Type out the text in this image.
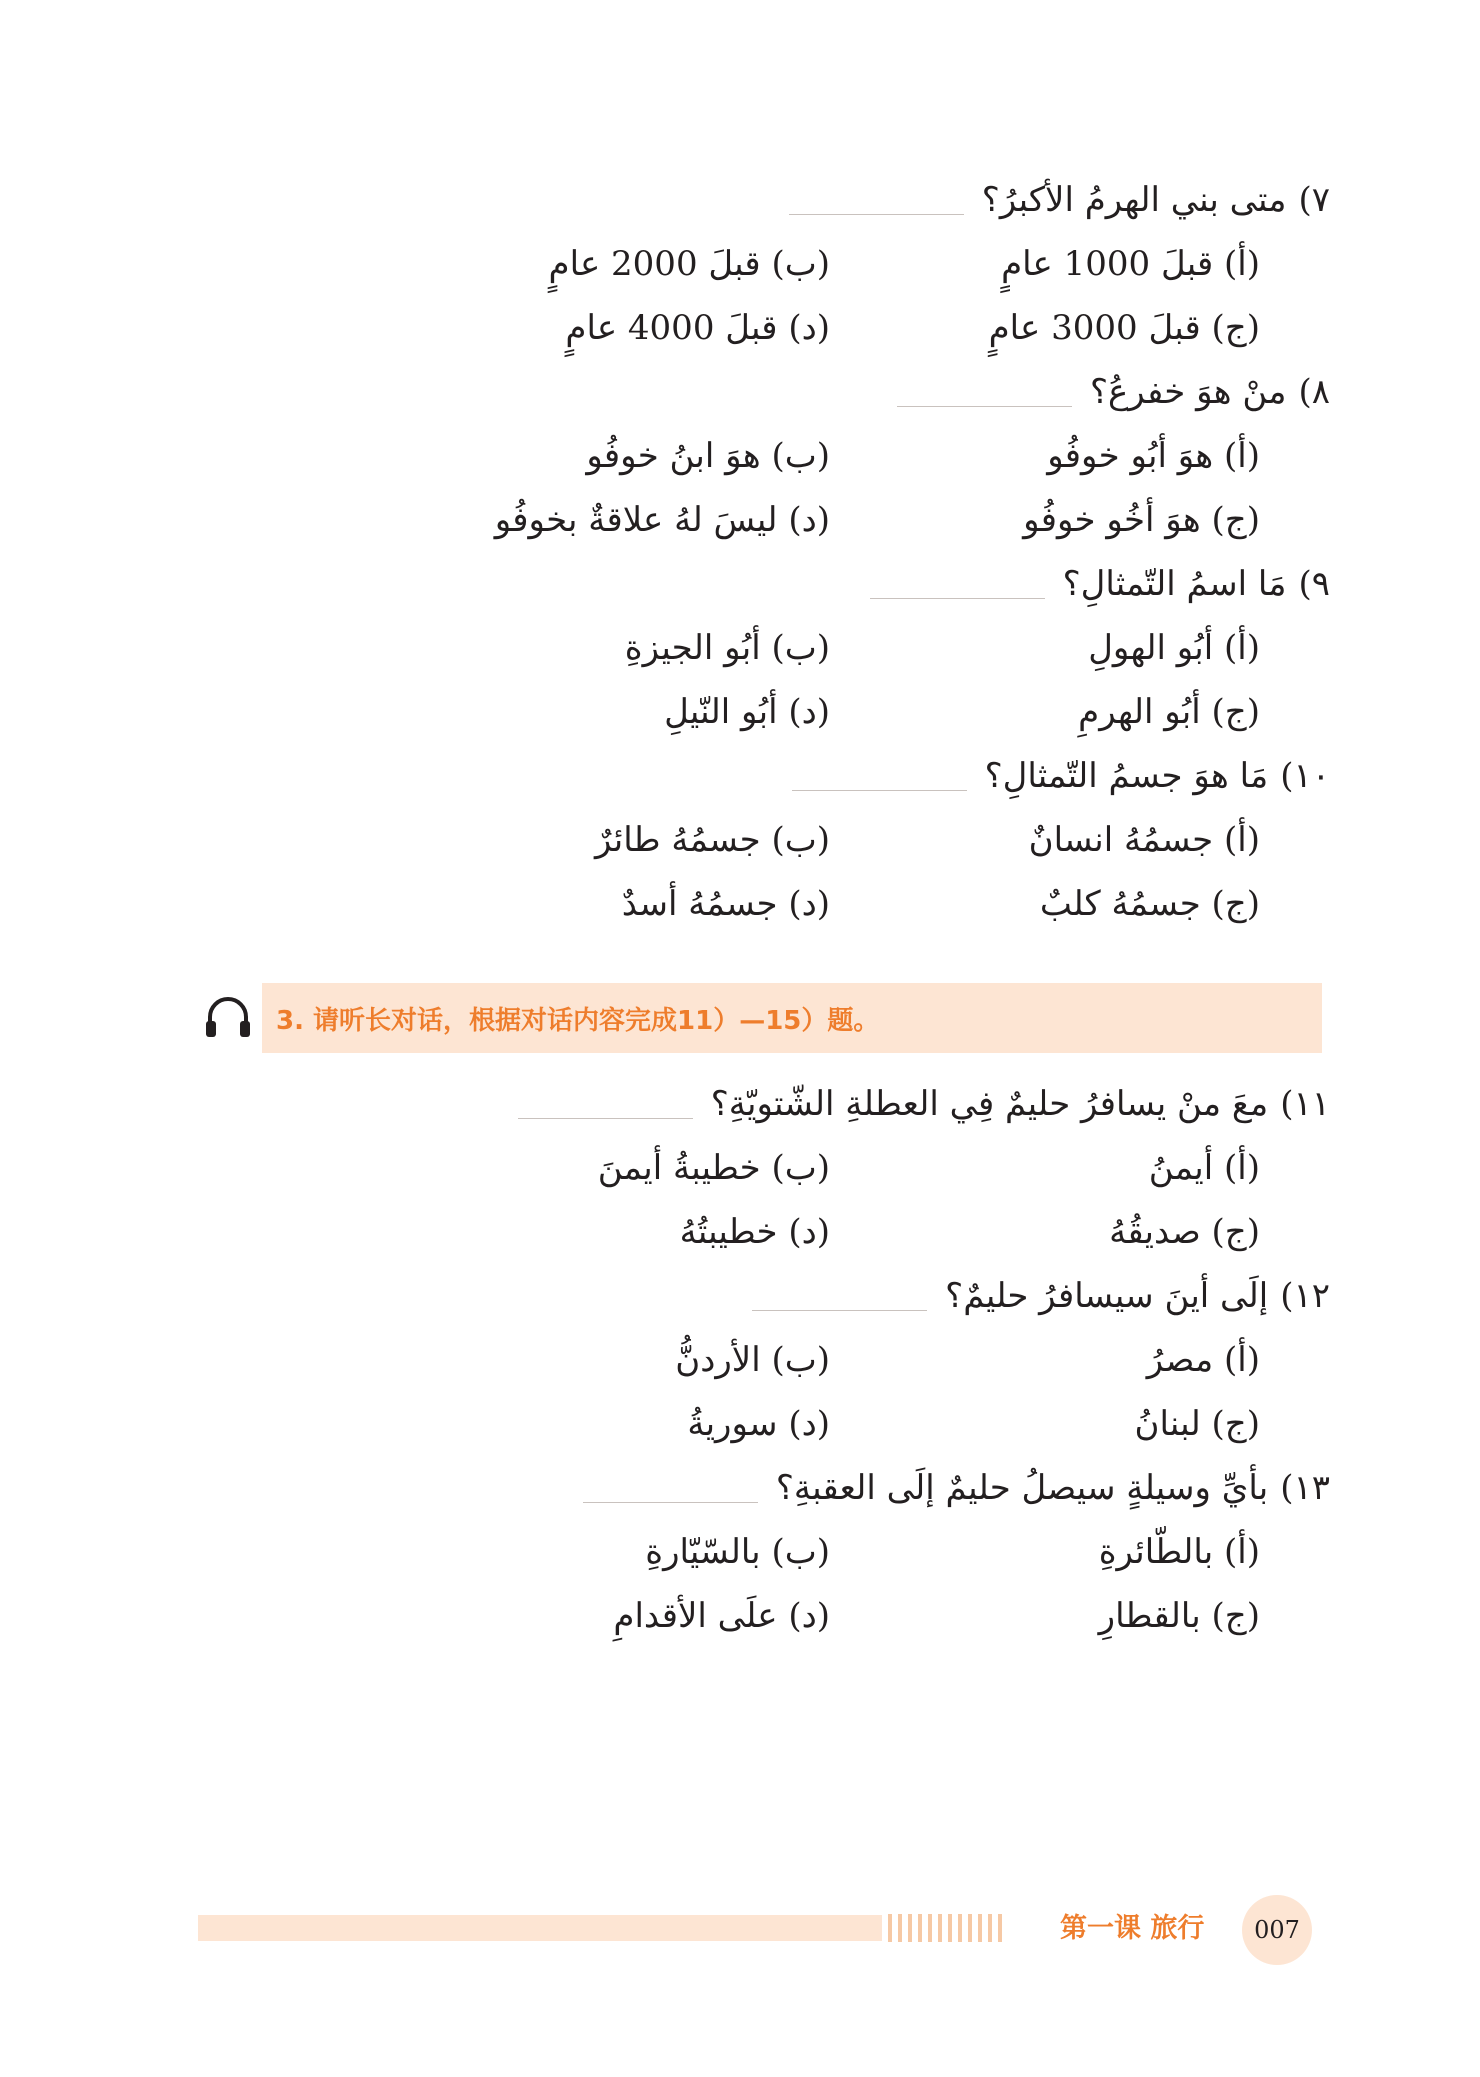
٧)
متى بني الهرمُ الأكبرُ؟
(أ) قبلَ 1000 عامٍ
(ب) قبلَ 2000 عامٍ
(ج) قبلَ 3000 عامٍ
(د) قبلَ 4000 عامٍ
٨)
منْ هوَ خفرعُ؟
(أ) هوَ أبُو خوفُو
(ب) هوَ ابنُ خوفُو
(ج) هوَ أخُو خوفُو
(د) ليسَ لهُ علاقةٌ بخوفُو
٩)
مَا اسمُ التّمثالِ؟
(أ) أبُو الهولِ
(ب) أبُو الجيزةِ
(ج) أبُو الهرمِ
(د) أبُو النّيلِ
١٠)
مَا هوَ جسمُ التّمثالِ؟
(أ) جسمُهُ انسانٌ
(ب) جسمُهُ طائرٌ
(ج) جسمُهُ كلبٌ
(د) جسمُهُ أسدٌ
3. 请听长对话，根据对话内容完成11）—15）题。
١١)
معَ منْ يسافرُ حليمٌ فِي العطلةِ الشّتويّةِ؟
(أ) أيمنُ
(ب) خطيبةُ أيمنَ
(ج) صديقُهُ
(د) خطيبتُهُ
١٢)
إلَى أينَ سيسافرُ حليمٌ؟
(أ) مصرُ
(ب) الأردنُّ
(ج) لبنانُ
(د) سوريةُ
١٣)
بأيِّ وسيلةٍ سيصلُ حليمٌ إلَى العقبةِ؟
(أ) بالطّائرةِ
(ب) بالسّيّارةِ
(ج) بالقطارِ
(د) علَى الأقدامِ
第一课 旅行	007
